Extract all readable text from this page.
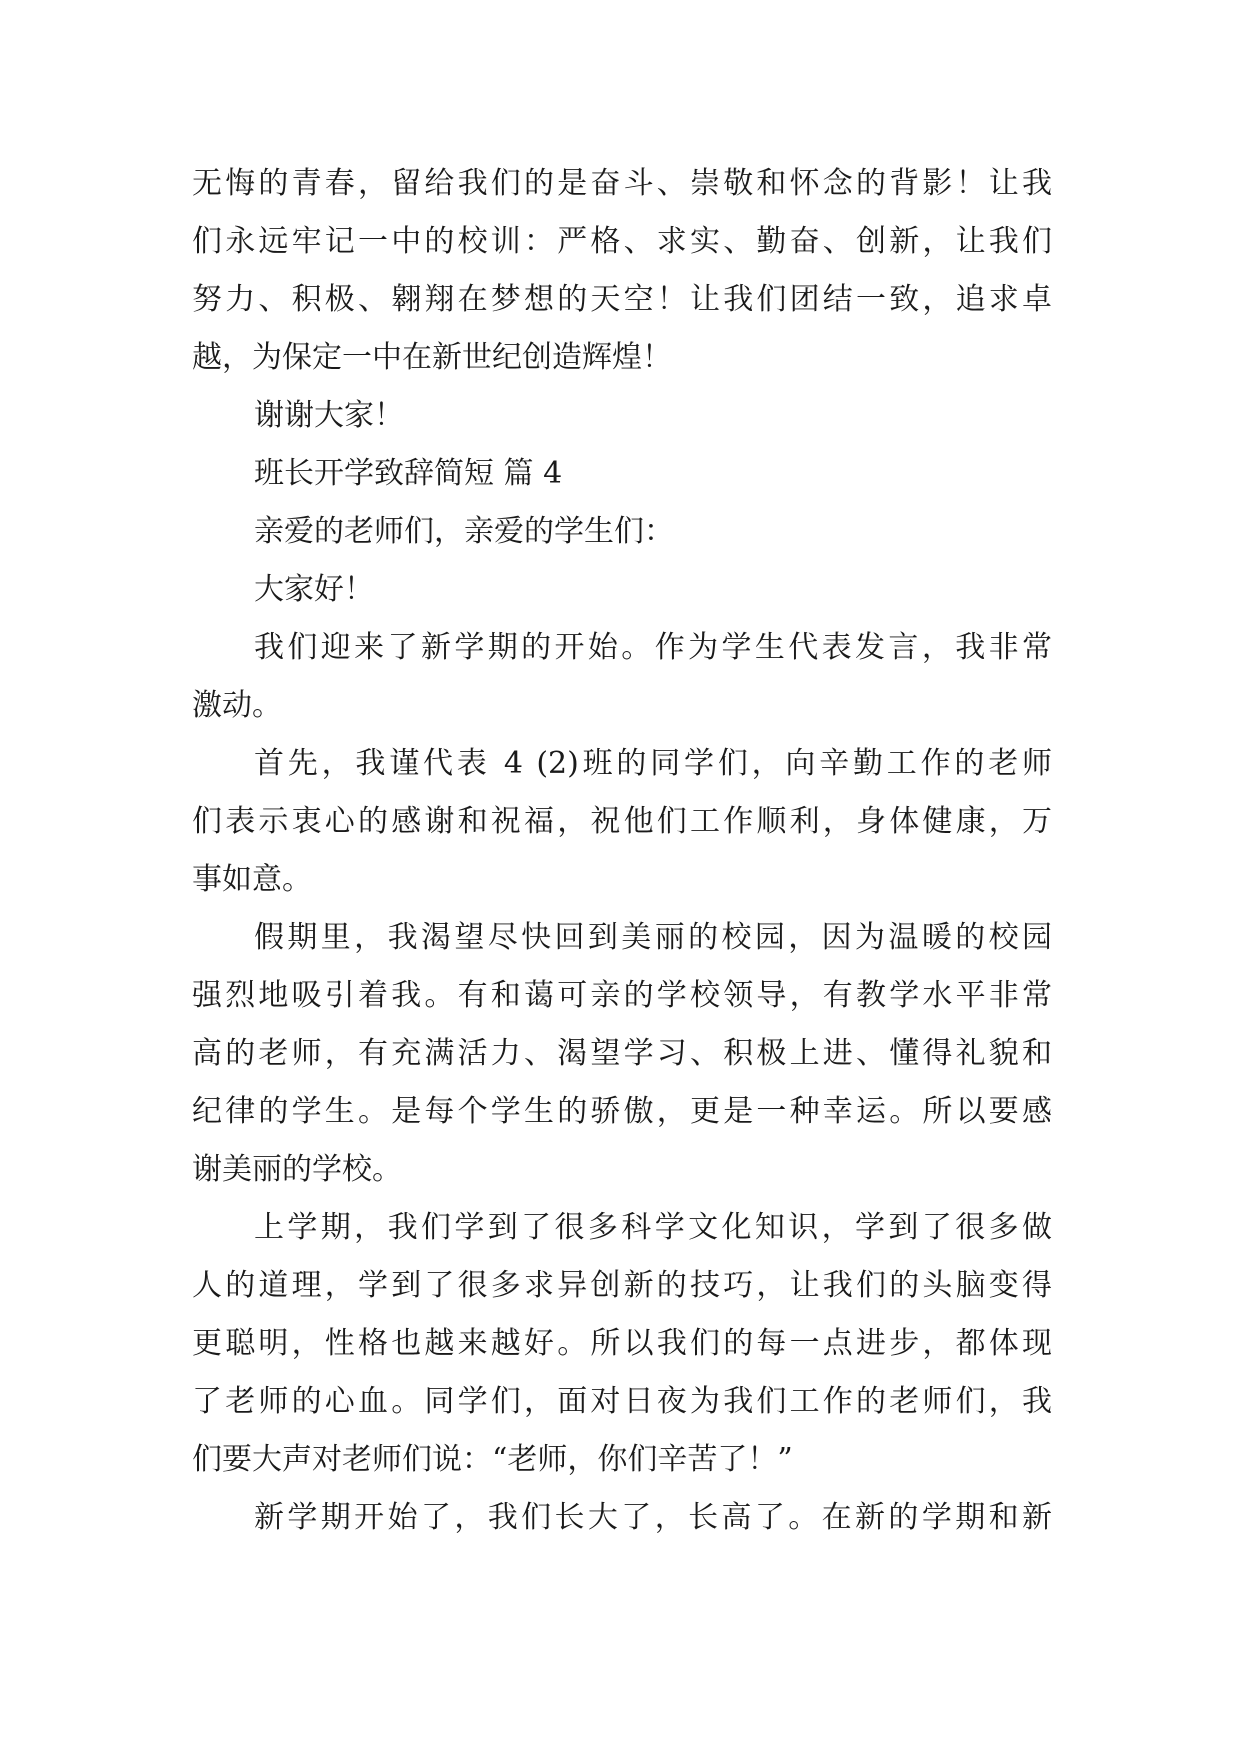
无悔的青春，留给我们的是奋斗、崇敬和怀念的背影！让我
们永远牢记一中的校训：严格、求实、勤奋、创新，让我们
努力、积极、翱翔在梦想的天空！让我们团结一致，追求卓
越，为保定一中在新世纪创造辉煌！
谢谢大家！
班长开学致辞简短 篇 4
亲爱的老师们，亲爱的学生们：
大家好！
我们迎来了新学期的开始。作为学生代表发言，我非常
激动。
首先，我谨代表 4 (2)班的同学们，向辛勤工作的老师
们表示衷心的感谢和祝福，祝他们工作顺利，身体健康，万
事如意。
假期里，我渴望尽快回到美丽的校园，因为温暖的校园
强烈地吸引着我。有和蔼可亲的学校领导，有教学水平非常
高的老师，有充满活力、渴望学习、积极上进、懂得礼貌和
纪律的学生。是每个学生的骄傲，更是一种幸运。所以要感
谢美丽的学校。
上学期，我们学到了很多科学文化知识，学到了很多做
人的道理，学到了很多求异创新的技巧，让我们的头脑变得
更聪明，性格也越来越好。所以我们的每一点进步，都体现
了老师的心血。同学们，面对日夜为我们工作的老师们，我
们要大声对老师们说：“老师，你们辛苦了！”
新学期开始了，我们长大了，长高了。在新的学期和新
